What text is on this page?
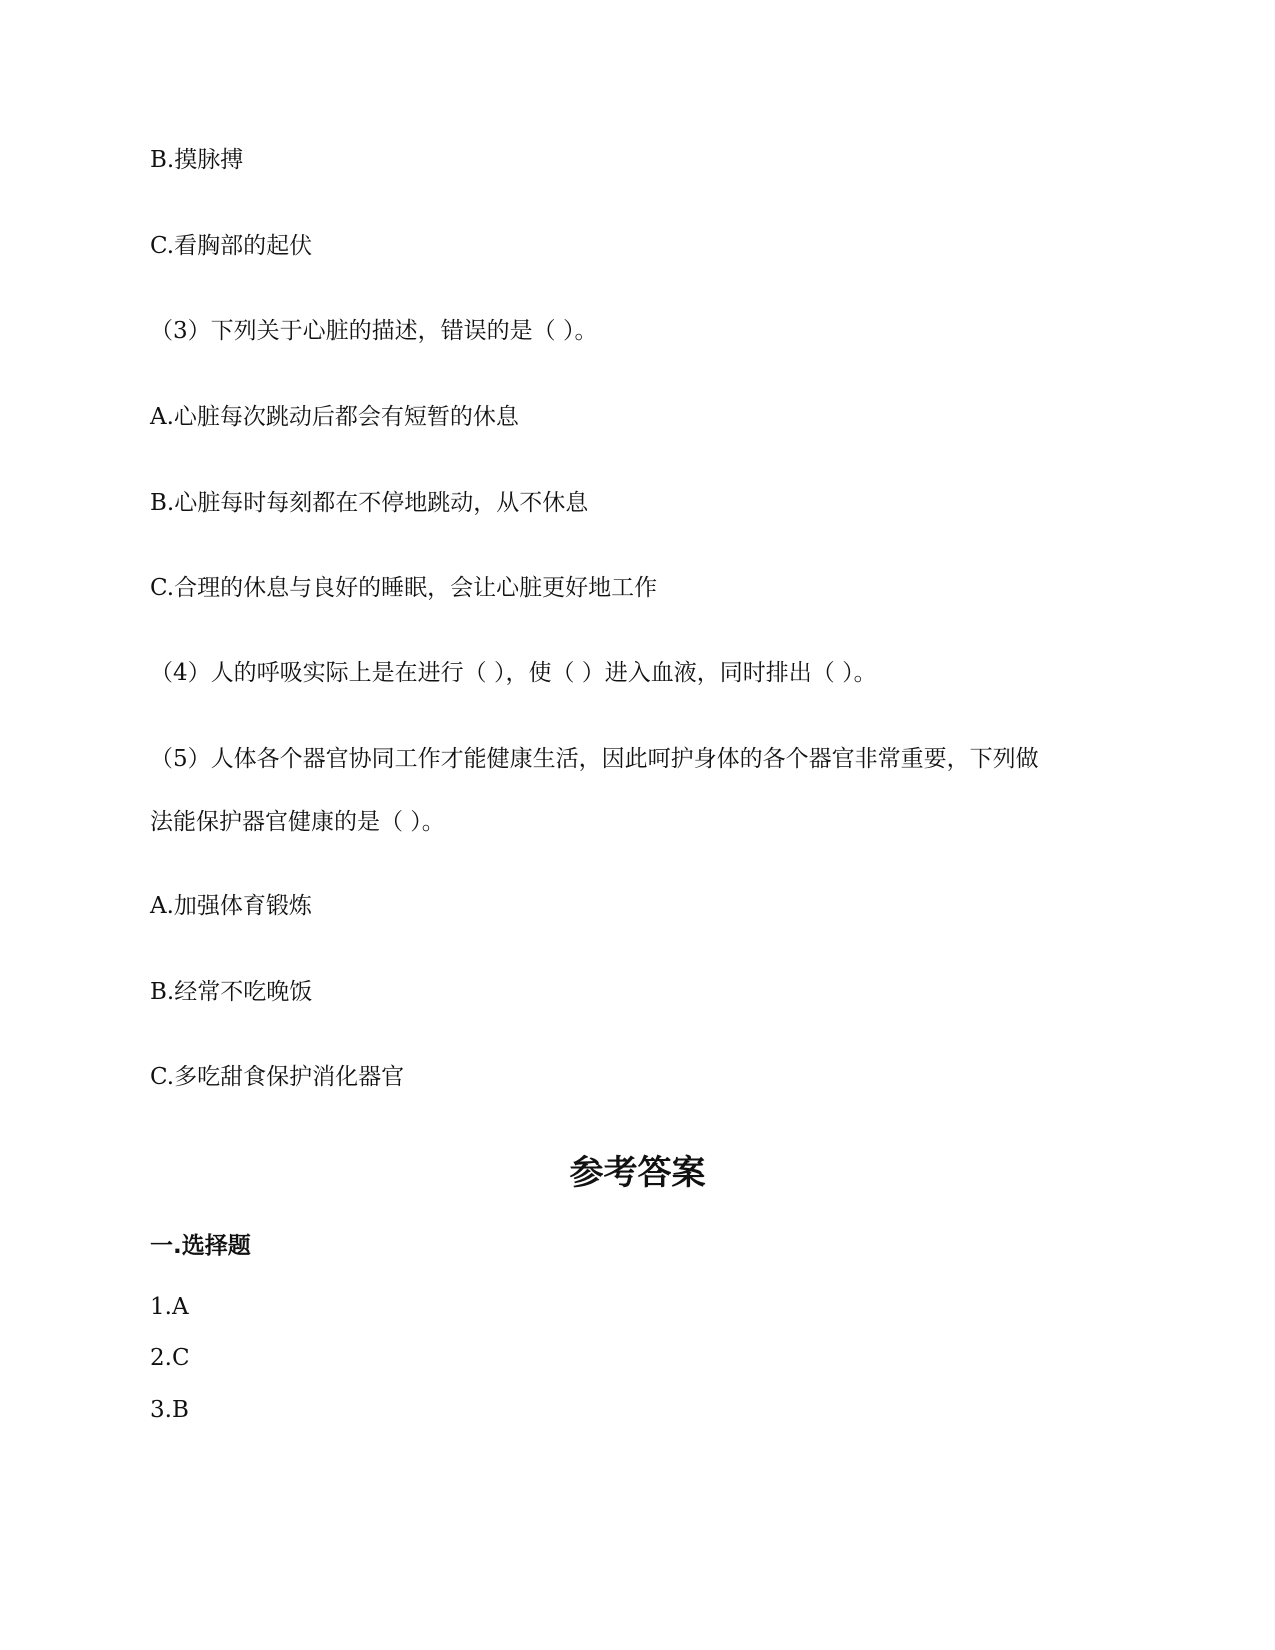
B.摸脉搏
C.看胸部的起伏
（3）下列关于心脏的描述，错误的是（ ）。
A.心脏每次跳动后都会有短暂的休息
B.心脏每时每刻都在不停地跳动，从不休息
C.合理的休息与良好的睡眠，会让心脏更好地工作
（4）人的呼吸实际上是在进行（ ），使（ ）进入血液，同时排出（ ）。
（5）人体各个器官协同工作才能健康生活，因此呵护身体的各个器官非常重要，下列做
法能保护器官健康的是（ ）。
A.加强体育锻炼
B.经常不吃晚饭
C.多吃甜食保护消化器官
参考答案
一.选择题
1.A
2.C
3.B
